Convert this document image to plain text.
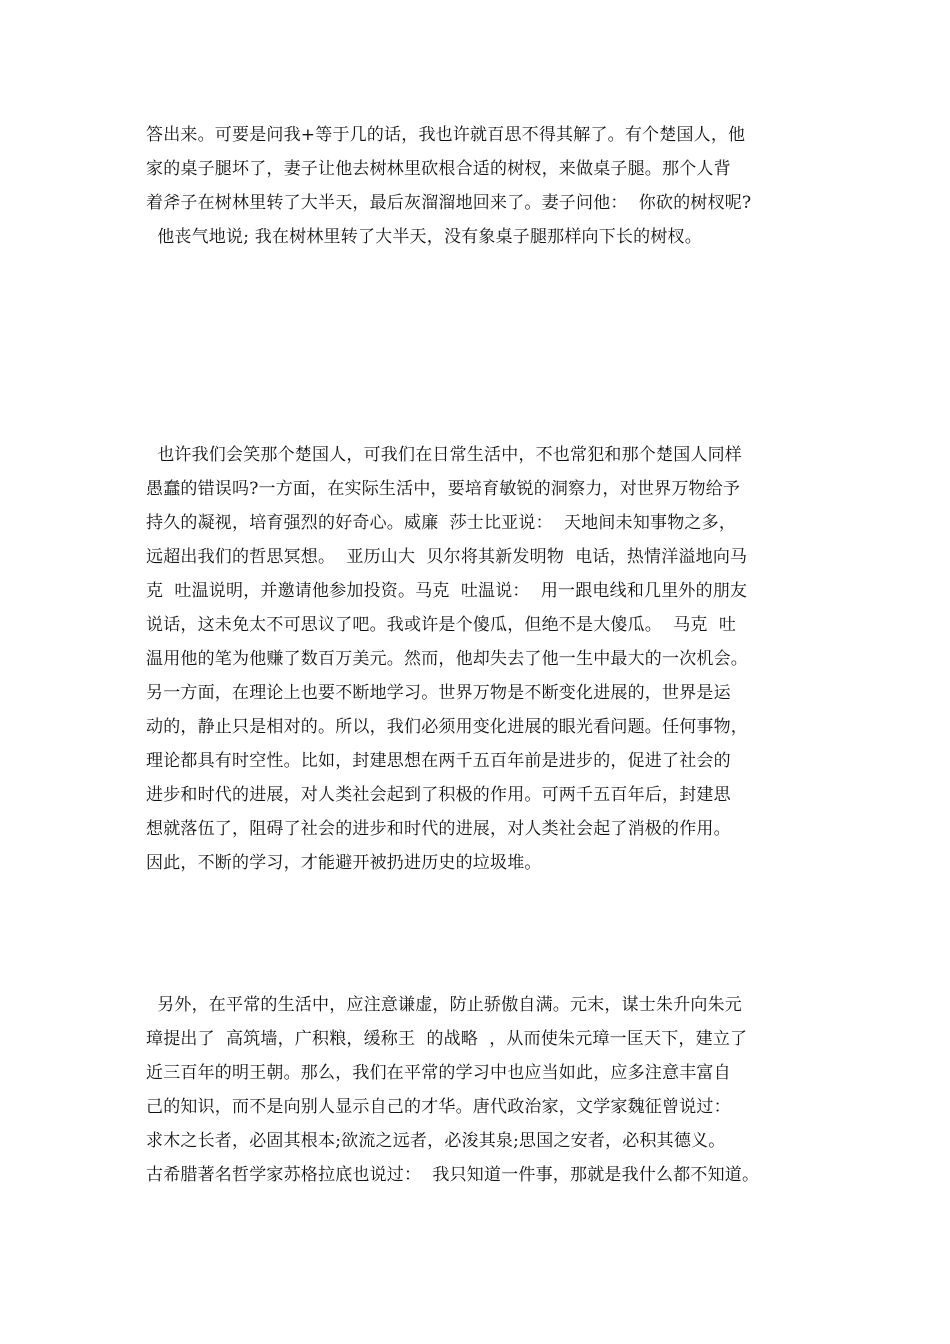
答出来。可要是问我+等于几的话，我也许就百思不得其解了。有个楚国人，他
家的桌子腿坏了，妻子让他去树林里砍根合适的树杈，来做桌子腿。那个人背
着斧子在树林里转了大半天，最后灰溜溜地回来了。妻子问他：  你砍的树杈呢?
他丧气地说; 我在树林里转了大半天，没有象桌子腿那样向下长的树杈。
也许我们会笑那个楚国人，可我们在日常生活中，不也常犯和那个楚国人同样
愚蠢的错误吗?一方面，在实际生活中，要培育敏锐的洞察力，对世界万物给予
持久的凝视，培育强烈的好奇心。威廉  莎士比亚说：  天地间未知事物之多，
远超出我们的哲思冥想。  亚历山大  贝尔将其新发明物  电话，热情洋溢地向马
克  吐温说明，并邀请他参加投资。马克  吐温说：  用一跟电线和几里外的朋友
说话，这未免太不可思议了吧。我或许是个傻瓜，但绝不是大傻瓜。  马克  吐
温用他的笔为他赚了数百万美元。然而，他却失去了他一生中最大的一次机会。
另一方面，在理论上也要不断地学习。世界万物是不断变化进展的，世界是运
动的，静止只是相对的。所以，我们必须用变化进展的眼光看问题。任何事物，
理论都具有时空性。比如，封建思想在两千五百年前是进步的，促进了社会的
进步和时代的进展，对人类社会起到了积极的作用。可两千五百年后，封建思
想就落伍了，阻碍了社会的进步和时代的进展，对人类社会起了消极的作用。
因此，不断的学习，才能避开被扔进历史的垃圾堆。
另外，在平常的生活中，应注意谦虚，防止骄傲自满。元末，谋士朱升向朱元
璋提出了  高筑墙，广积粮，缓称王  的战略  ，从而使朱元璋一匡天下，建立了
近三百年的明王朝。那么，我们在平常的学习中也应当如此，应多注意丰富自
己的知识，而不是向别人显示自己的才华。唐代政治家，文学家魏征曾说过：
求木之长者，必固其根本;欲流之远者，必浚其泉;思国之安者，必积其德义。
古希腊著名哲学家苏格拉底也说过：  我只知道一件事，那就是我什么都不知道。
